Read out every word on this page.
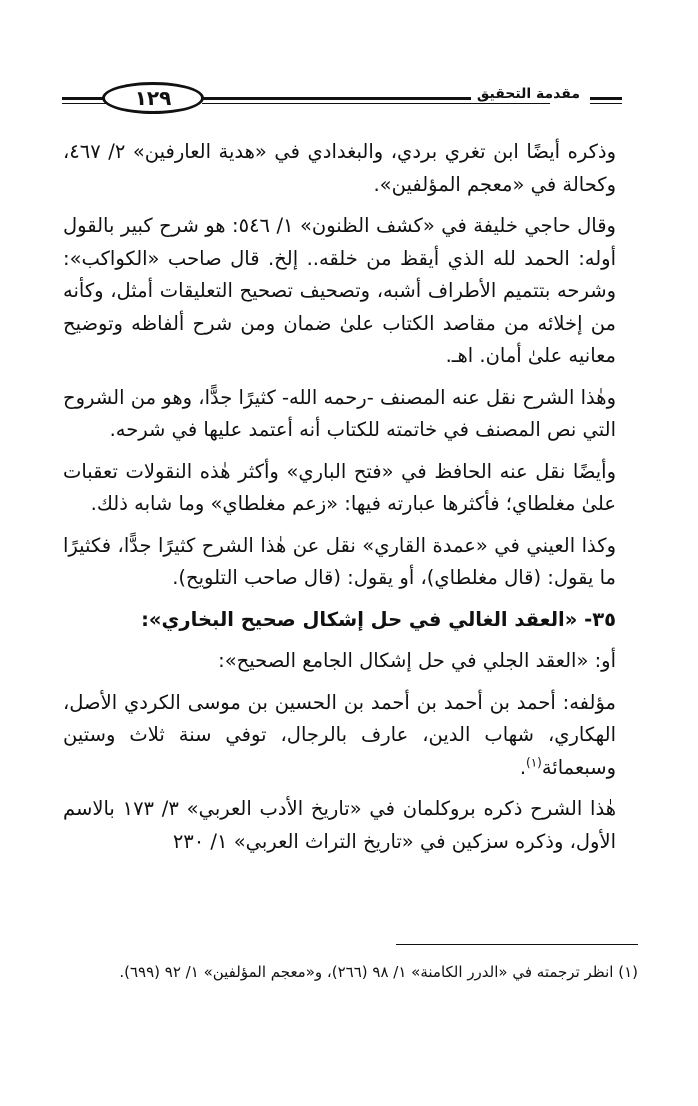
١٢٩	مقدمة التحقيق

وذكره أيضًا ابن تغري بردي، والبغدادي في «هدية العارفين» ٢/ ٤٦٧، وكحالة في «معجم المؤلفين».

وقال حاجي خليفة في «كشف الظنون» ١/ ٥٤٦: هو شرح كبير بالقول أوله: الحمد لله الذي أيقظ من خلقه.. إلخ. قال صاحب «الكواكب»: وشرحه بتتميم الأطراف أشبه، وتصحيف تصحيح التعليقات أمثل، وكأنه من إخلائه من مقاصد الكتاب علىٰ ضمان ومن شرح ألفاظه وتوضيح معانيه علىٰ أمان. اهـ.

وهٰذا الشرح نقل عنه المصنف -رحمه الله- كثيرًا جدًّا، وهو من الشروح التي نص المصنف في خاتمته للكتاب أنه أعتمد عليها في شرحه.

وأيضًا نقل عنه الحافظ في «فتح الباري» وأكثر هٰذه النقولات تعقبات علىٰ مغلطاي؛ فأكثرها عبارته فيها: «زعم مغلطاي» وما شابه ذلك.

وكذا العيني في «عمدة القاري» نقل عن هٰذا الشرح كثيرًا جدًّا، فكثيرًا ما يقول: (قال مغلطاي)، أو يقول: (قال صاحب التلويح).

٣٥- «العقد الغالي في حل إشكال صحيح البخاري»:

أو: «العقد الجلي في حل إشكال الجامع الصحيح»:

مؤلفه: أحمد بن أحمد بن أحمد بن الحسين بن موسى الكردي الأصل، الهكاري، شهاب الدين، عارف بالرجال، توفي سنة ثلاث وستين وسبعمائة$^{(١)}$.

هٰذا الشرح ذكره بروكلمان في «تاريخ الأدب العربي» ٣/ ١٧٣ بالاسم الأول، وذكره سزكين في «تاريخ التراث العربي» ١/ ٢٣٠

(١) انظر ترجمته في «الدرر الكامنة» ١/ ٩٨ (٢٦٦)، و«معجم المؤلفين» ١/ ٩٢ (٦٩٩).
